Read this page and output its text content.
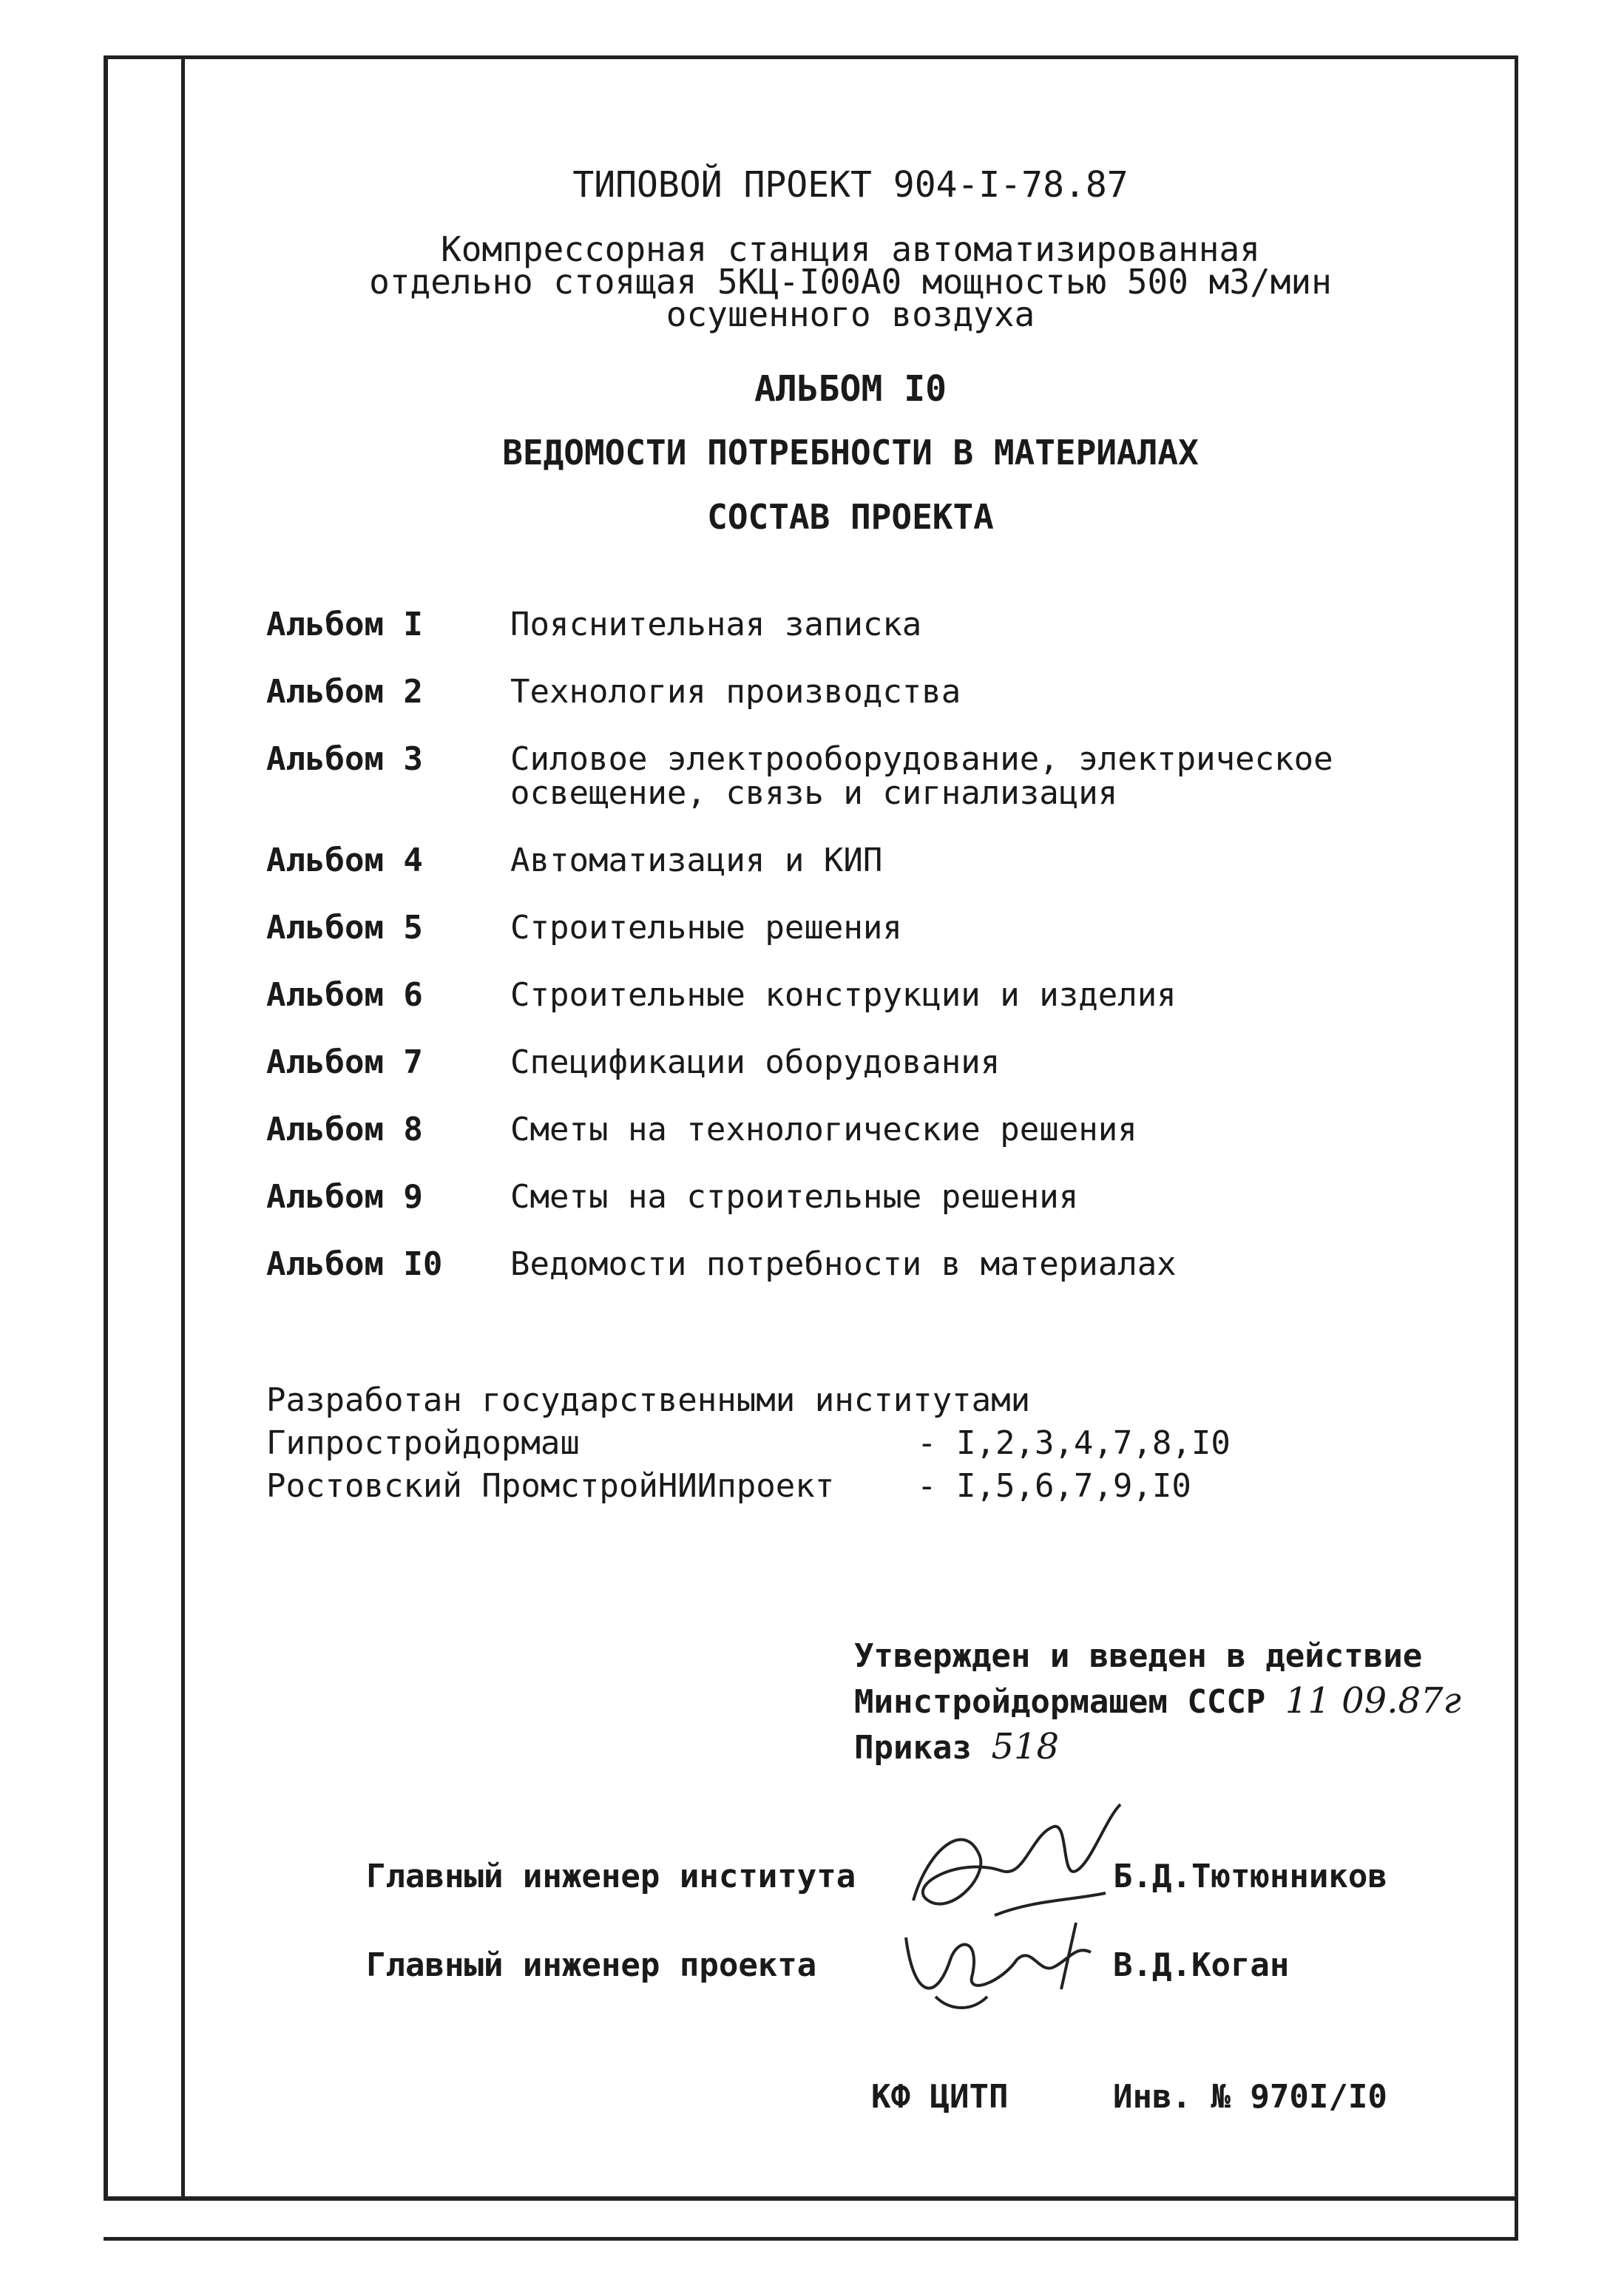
ТИПОВОЙ ПРОЕКТ 904-I-78.87
Компрессорная станция автоматизированная
отдельно стоящая 5КЦ-I00А0 мощностью 500 м3/мин
осушенного воздуха
АЛЬБОМ I0
ВЕДОМОСТИ ПОТРЕБНОСТИ В МАТЕРИАЛАХ
СОСТАВ ПРОЕКТА
Альбом I	Пояснительная записка
Альбом 2	Технология производства
Альбом 3	Силовое электрооборудование, электрическое освещение, связь и сигнализация
Альбом 4	Автоматизация и КИП
Альбом 5	Строительные решения
Альбом 6	Строительные конструкции и изделия
Альбом 7	Спецификации оборудования
Альбом 8	Сметы на технологические решения
Альбом 9	Сметы на строительные решения
Альбом I0	Ведомости потребности в материалах
Разработан государственными институтами
Гипростройдормаш	- I,2,3,4,7,8,I0
Ростовский ПромстройНИИпроект	- I,5,6,7,9,I0
Утвержден и введен в действие
Минстройдормашем СССР 11 09.87г
Приказ 518
Главный инженер института	Б.Д.Тютюнников
Главный инженер проекта	В.Д.Коган
КФ ЦИТП	Инв. № 970I/I0
